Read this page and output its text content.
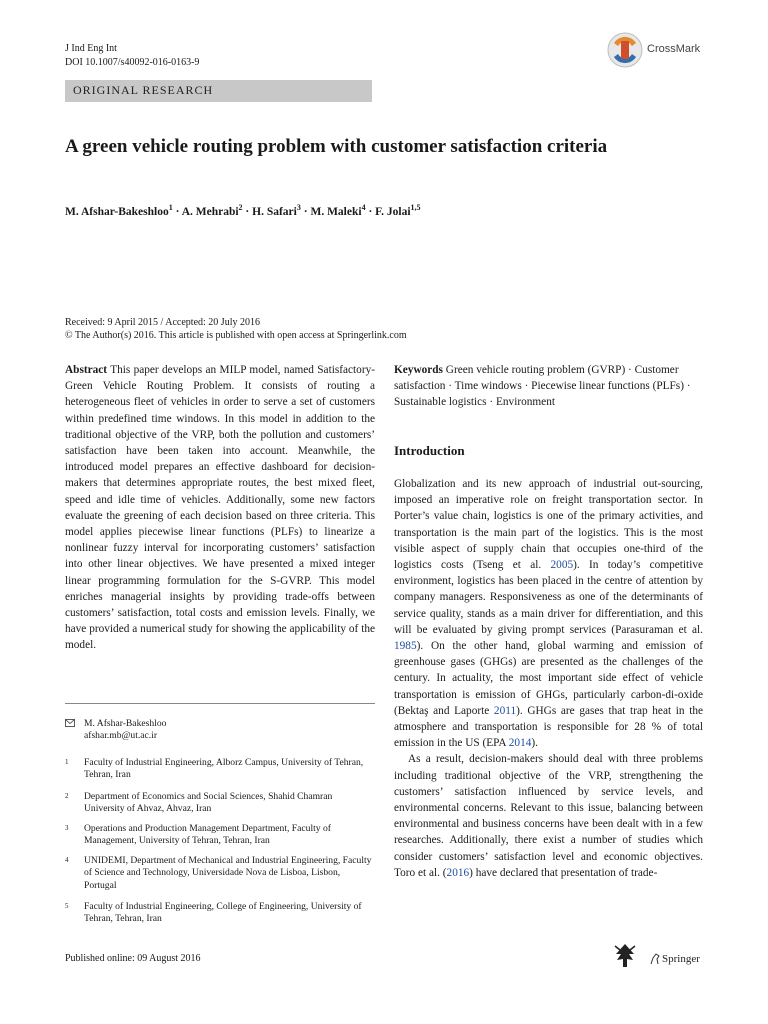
J Ind Eng Int
DOI 10.1007/s40092-016-0163-9
CrossMark
ORIGINAL RESEARCH
A green vehicle routing problem with customer satisfaction criteria
M. Afshar-Bakeshloo$^1$ · A. Mehrabi$^2$ · H. Safari$^3$ · M. Maleki$^4$ · F. Jolai$^{1,5}$
Received: 9 April 2015 / Accepted: 20 July 2016
© The Author(s) 2016. This article is published with open access at Springerlink.com
Abstract This paper develops an MILP model, named Satisfactory-Green Vehicle Routing Problem. It consists of routing a heterogeneous fleet of vehicles in order to serve a set of customers within predefined time windows. In this model in addition to the traditional objective of the VRP, both the pollution and customers’ satisfaction have been taken into account. Meanwhile, the introduced model prepares an effective dashboard for decision-makers that determines appropriate routes, the best mixed fleet, speed and idle time of vehicles. Additionally, some new factors evaluate the greening of each decision based on three criteria. This model applies piecewise linear functions (PLFs) to linearize a nonlinear fuzzy interval for incorporating customers’ satisfaction into other linear objectives. We have presented a mixed integer linear programming formulation for the S-GVRP. This model enriches managerial insights by providing trade-offs between customers’ satisfaction, total costs and emission levels. Finally, we have provided a numerical study for showing the applicability of the model.
M. Afshar-Bakeshloo
afshar.mb@ut.ac.ir
1 Faculty of Industrial Engineering, Alborz Campus, University of Tehran, Tehran, Iran
2 Department of Economics and Social Sciences, Shahid Chamran University of Ahvaz, Ahvaz, Iran
3 Operations and Production Management Department, Faculty of Management, University of Tehran, Tehran, Iran
4 UNIDEMI, Department of Mechanical and Industrial Engineering, Faculty of Science and Technology, Universidade Nova de Lisboa, Lisbon, Portugal
5 Faculty of Industrial Engineering, College of Engineering, University of Tehran, Tehran, Iran
Keywords Green vehicle routing problem (GVRP) · Customer satisfaction · Time windows · Piecewise linear functions (PLFs) · Sustainable logistics · Environment
Introduction

Globalization and its new approach of industrial out-sourcing, imposed an imperative role on freight transportation sector. In Porter’s value chain, logistics is one of the primary activities, and transportation is the main part of the logistics. This is the most visible aspect of supply chain that occupies one-third of the logistics costs (Tseng et al. 2005). In today’s competitive environment, logistics has been placed in the centre of attention by company managers. Responsiveness as one of the determinants of service quality, stands as a main driver for differentiation, and this will be evaluated by giving prompt services (Parasuraman et al. 1985). On the other hand, global warming and emission of greenhouse gases (GHGs) are presented as the challenges of the century. In actuality, the most important side effect of vehicle transportation is emission of GHGs, particularly carbon-di-oxide (Bektaş and Laporte 2011). GHGs are gases that trap heat in the atmosphere and transportation is responsible for 28 % of total emission in the US (EPA 2014).

As a result, decision-makers should deal with three problems including traditional objective of the VRP, strengthening the customers’ satisfaction influenced by service levels, and environmental concerns. Relevant to this issue, balancing between environmental and business concerns have been dealt with in a few researches. Additionally, there exist a number of studies which consider customers’ satisfaction level and economic objectives. Toro et al. (2016) have declared that presentation of trade-

Published online: 09 August 2016	Springer
